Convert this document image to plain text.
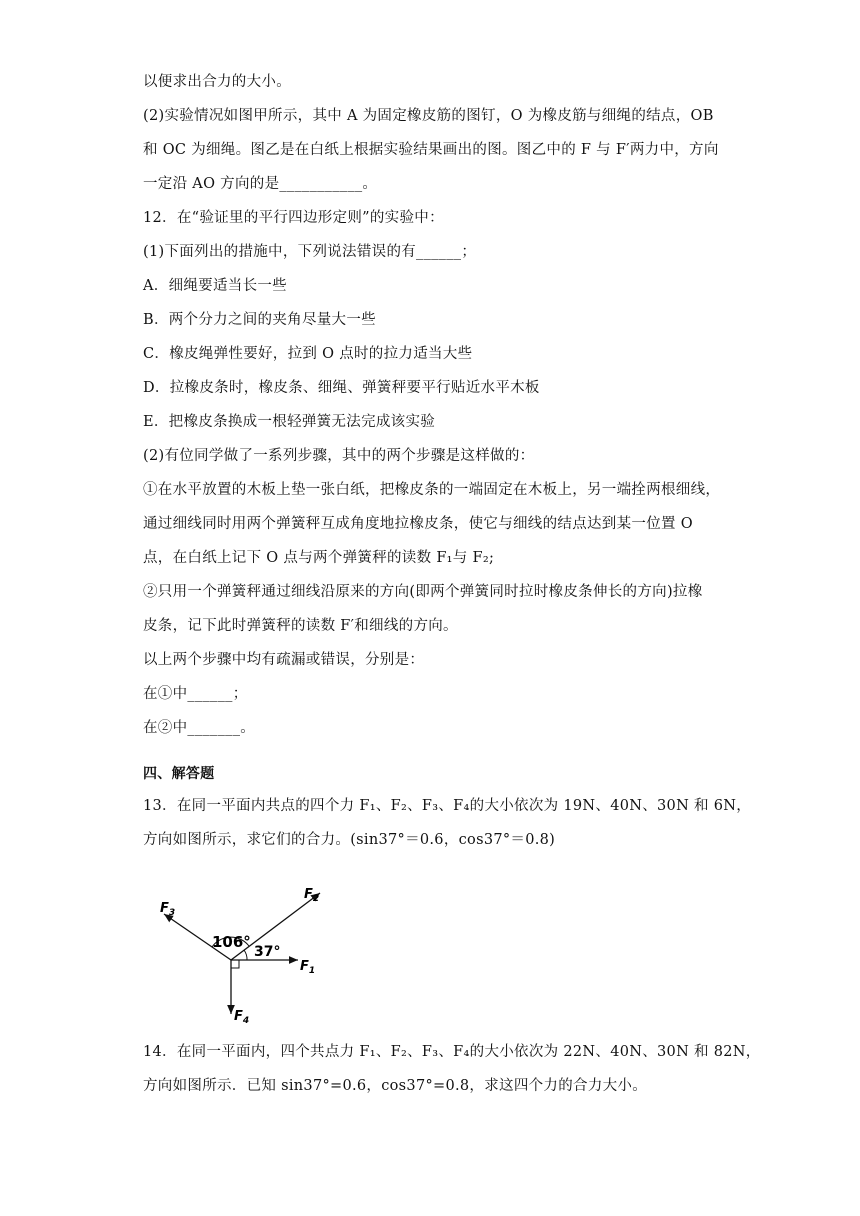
以便求出合力的大小。
(2)实验情况如图甲所示，其中 A 为固定橡皮筋的图钉，O 为橡皮筋与细绳的结点，OB
和 OC 为细绳。图乙是在白纸上根据实验结果画出的图。图乙中的 F 与 F′两力中，方向
一定沿 AO 方向的是___________。
12．在“验证里的平行四边形定则”的实验中：
(1)下面列出的措施中，下列说法错误的有______；
A．细绳要适当长一些
B．两个分力之间的夹角尽量大一些
C．橡皮绳弹性要好，拉到 O 点时的拉力适当大些
D．拉橡皮条时，橡皮条、细绳、弹簧秤要平行贴近水平木板
E．把橡皮条换成一根轻弹簧无法完成该实验
(2)有位同学做了一系列步骤，其中的两个步骤是这样做的：
①在水平放置的木板上垫一张白纸，把橡皮条的一端固定在木板上，另一端拴两根细线，
通过细线同时用两个弹簧秤互成角度地拉橡皮条，使它与细线的结点达到某一位置 O
点，在白纸上记下 O 点与两个弹簧秤的读数 F₁与 F₂;
②只用一个弹簧秤通过细线沿原来的方向(即两个弹簧同时拉时橡皮条伸长的方向)拉橡
皮条，记下此时弹簧秤的读数 F′和细线的方向。
以上两个步骤中均有疏漏或错误，分别是：
在①中______；
在②中_______。
四、解答题
13．在同一平面内共点的四个力 F₁、F₂、F₃、F₄的大小依次为 19N、40N、30N 和 6N，
方向如图所示，求它们的合力。(sin37°＝0.6，cos37°＝0.8)
$F_1$
$F_2$
$F_3$
$F_4$
106°
37°
14．在同一平面内，四个共点力 F₁、F₂、F₃、F₄的大小依次为 22N、40N、30N 和 82N，
方向如图所示．已知 sin37°=0.6，cos37°=0.8，求这四个力的合力大小。
